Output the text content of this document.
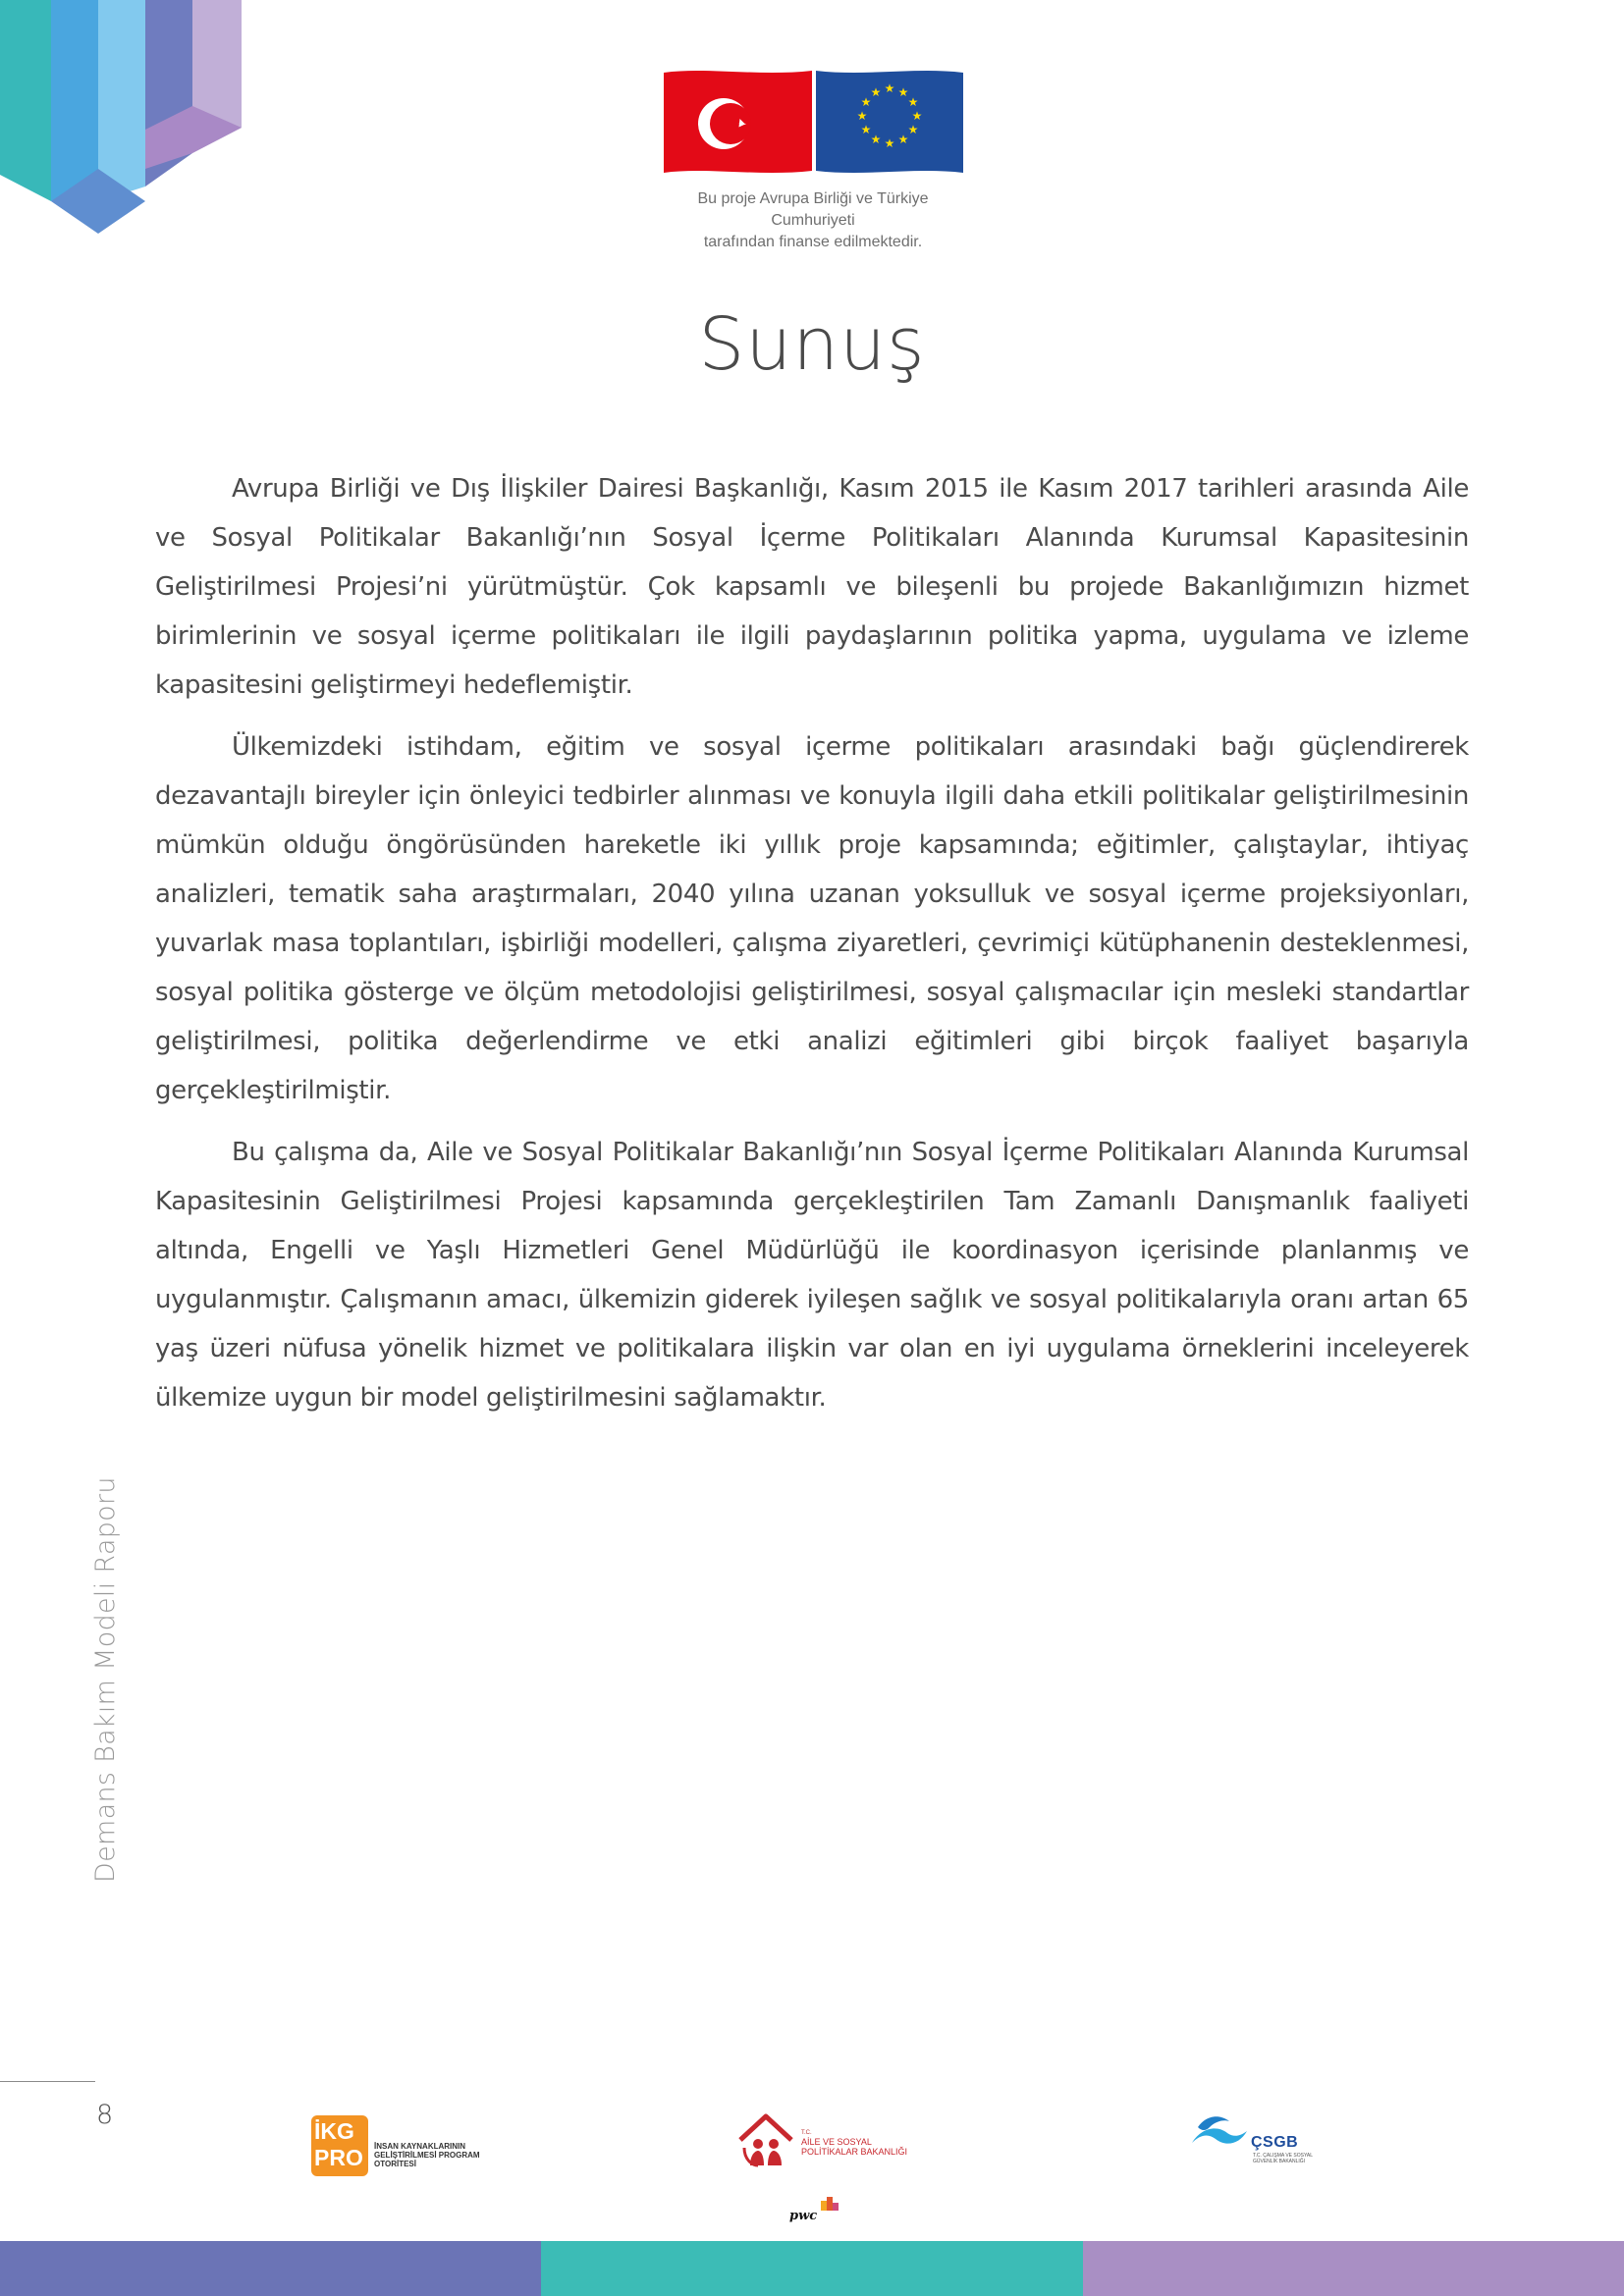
★ ★
★
★
★
★
★
★
★
★
★
★
Bu proje Avrupa Birliği ve Türkiye Cumhuriyeti
tarafından finanse edilmektedir.
Sunuş

Avrupa Birliği ve Dış İlişkiler Dairesi Başkanlığı, Kasım 2015 ile Kasım 2017 tarihleri arasında Aile ve Sosyal Politikalar Bakanlığı’nın Sosyal İçerme Politikaları Alanında Kurumsal Kapasitesinin Geliştirilmesi Projesi’ni yürütmüştür. Çok kapsamlı ve bileşenli bu projede Bakanlığımızın hizmet birimlerinin ve sosyal içerme politikaları ile ilgili paydaşlarının politika yapma, uygulama ve izleme kapasitesini geliştirmeyi hedeflemiştir.

Ülkemizdeki istihdam, eğitim ve sosyal içerme politikaları arasındaki bağı güçlendirerek dezavantajlı bireyler için önleyici tedbirler alınması ve konuyla ilgili daha etkili politikalar geliştirilmesinin mümkün olduğu öngörüsünden hareketle iki yıllık proje kapsamında; eğitimler, çalıştaylar, ihtiyaç analizleri, tematik saha araştırmaları, 2040 yılına uzanan yoksulluk ve sosyal içerme projeksiyonları, yuvarlak masa toplantıları, işbirliği modelleri, çalışma ziyaretleri, çevrimiçi kütüphanenin desteklenmesi, sosyal politika gösterge ve ölçüm metodolojisi geliştirilmesi, sosyal çalışmacılar için mesleki standartlar geliştirilmesi, politika değerlendirme ve etki analizi eğitimleri gibi birçok faaliyet başarıyla gerçekleştirilmiştir.

Bu çalışma da, Aile ve Sosyal Politikalar Bakanlığı’nın Sosyal İçerme Politikaları Alanında Kurumsal Kapasitesinin Geliştirilmesi Projesi kapsamında gerçekleştirilen Tam Zamanlı Danışmanlık faaliyeti altında, Engelli ve Yaşlı Hizmetleri Genel Müdürlüğü ile koordinasyon içerisinde planlanmış ve uygulanmıştır. Çalışmanın amacı, ülkemizin giderek iyileşen sağlık ve sosyal politikalarıyla oranı artan 65 yaş üzeri nüfusa yönelik hizmet ve politikalara ilişkin var olan en iyi uygulama örneklerini inceleyerek ülkemize uygun bir model geliştirilmesini sağlamaktır.

Demans Bakım Modeli Raporu
8
İKG
PRO İNSAN KAYNAKLARININ GELİŞTİRİLMESİ PROGRAM OTORİTESİ
T.C.
AİLE VE SOSYAL POLİTİKALAR BAKANLIĞI
pwc
ÇSGB
T.C. ÇALIŞMA VE SOSYAL GÜVENLİK BAKANLIĞI
